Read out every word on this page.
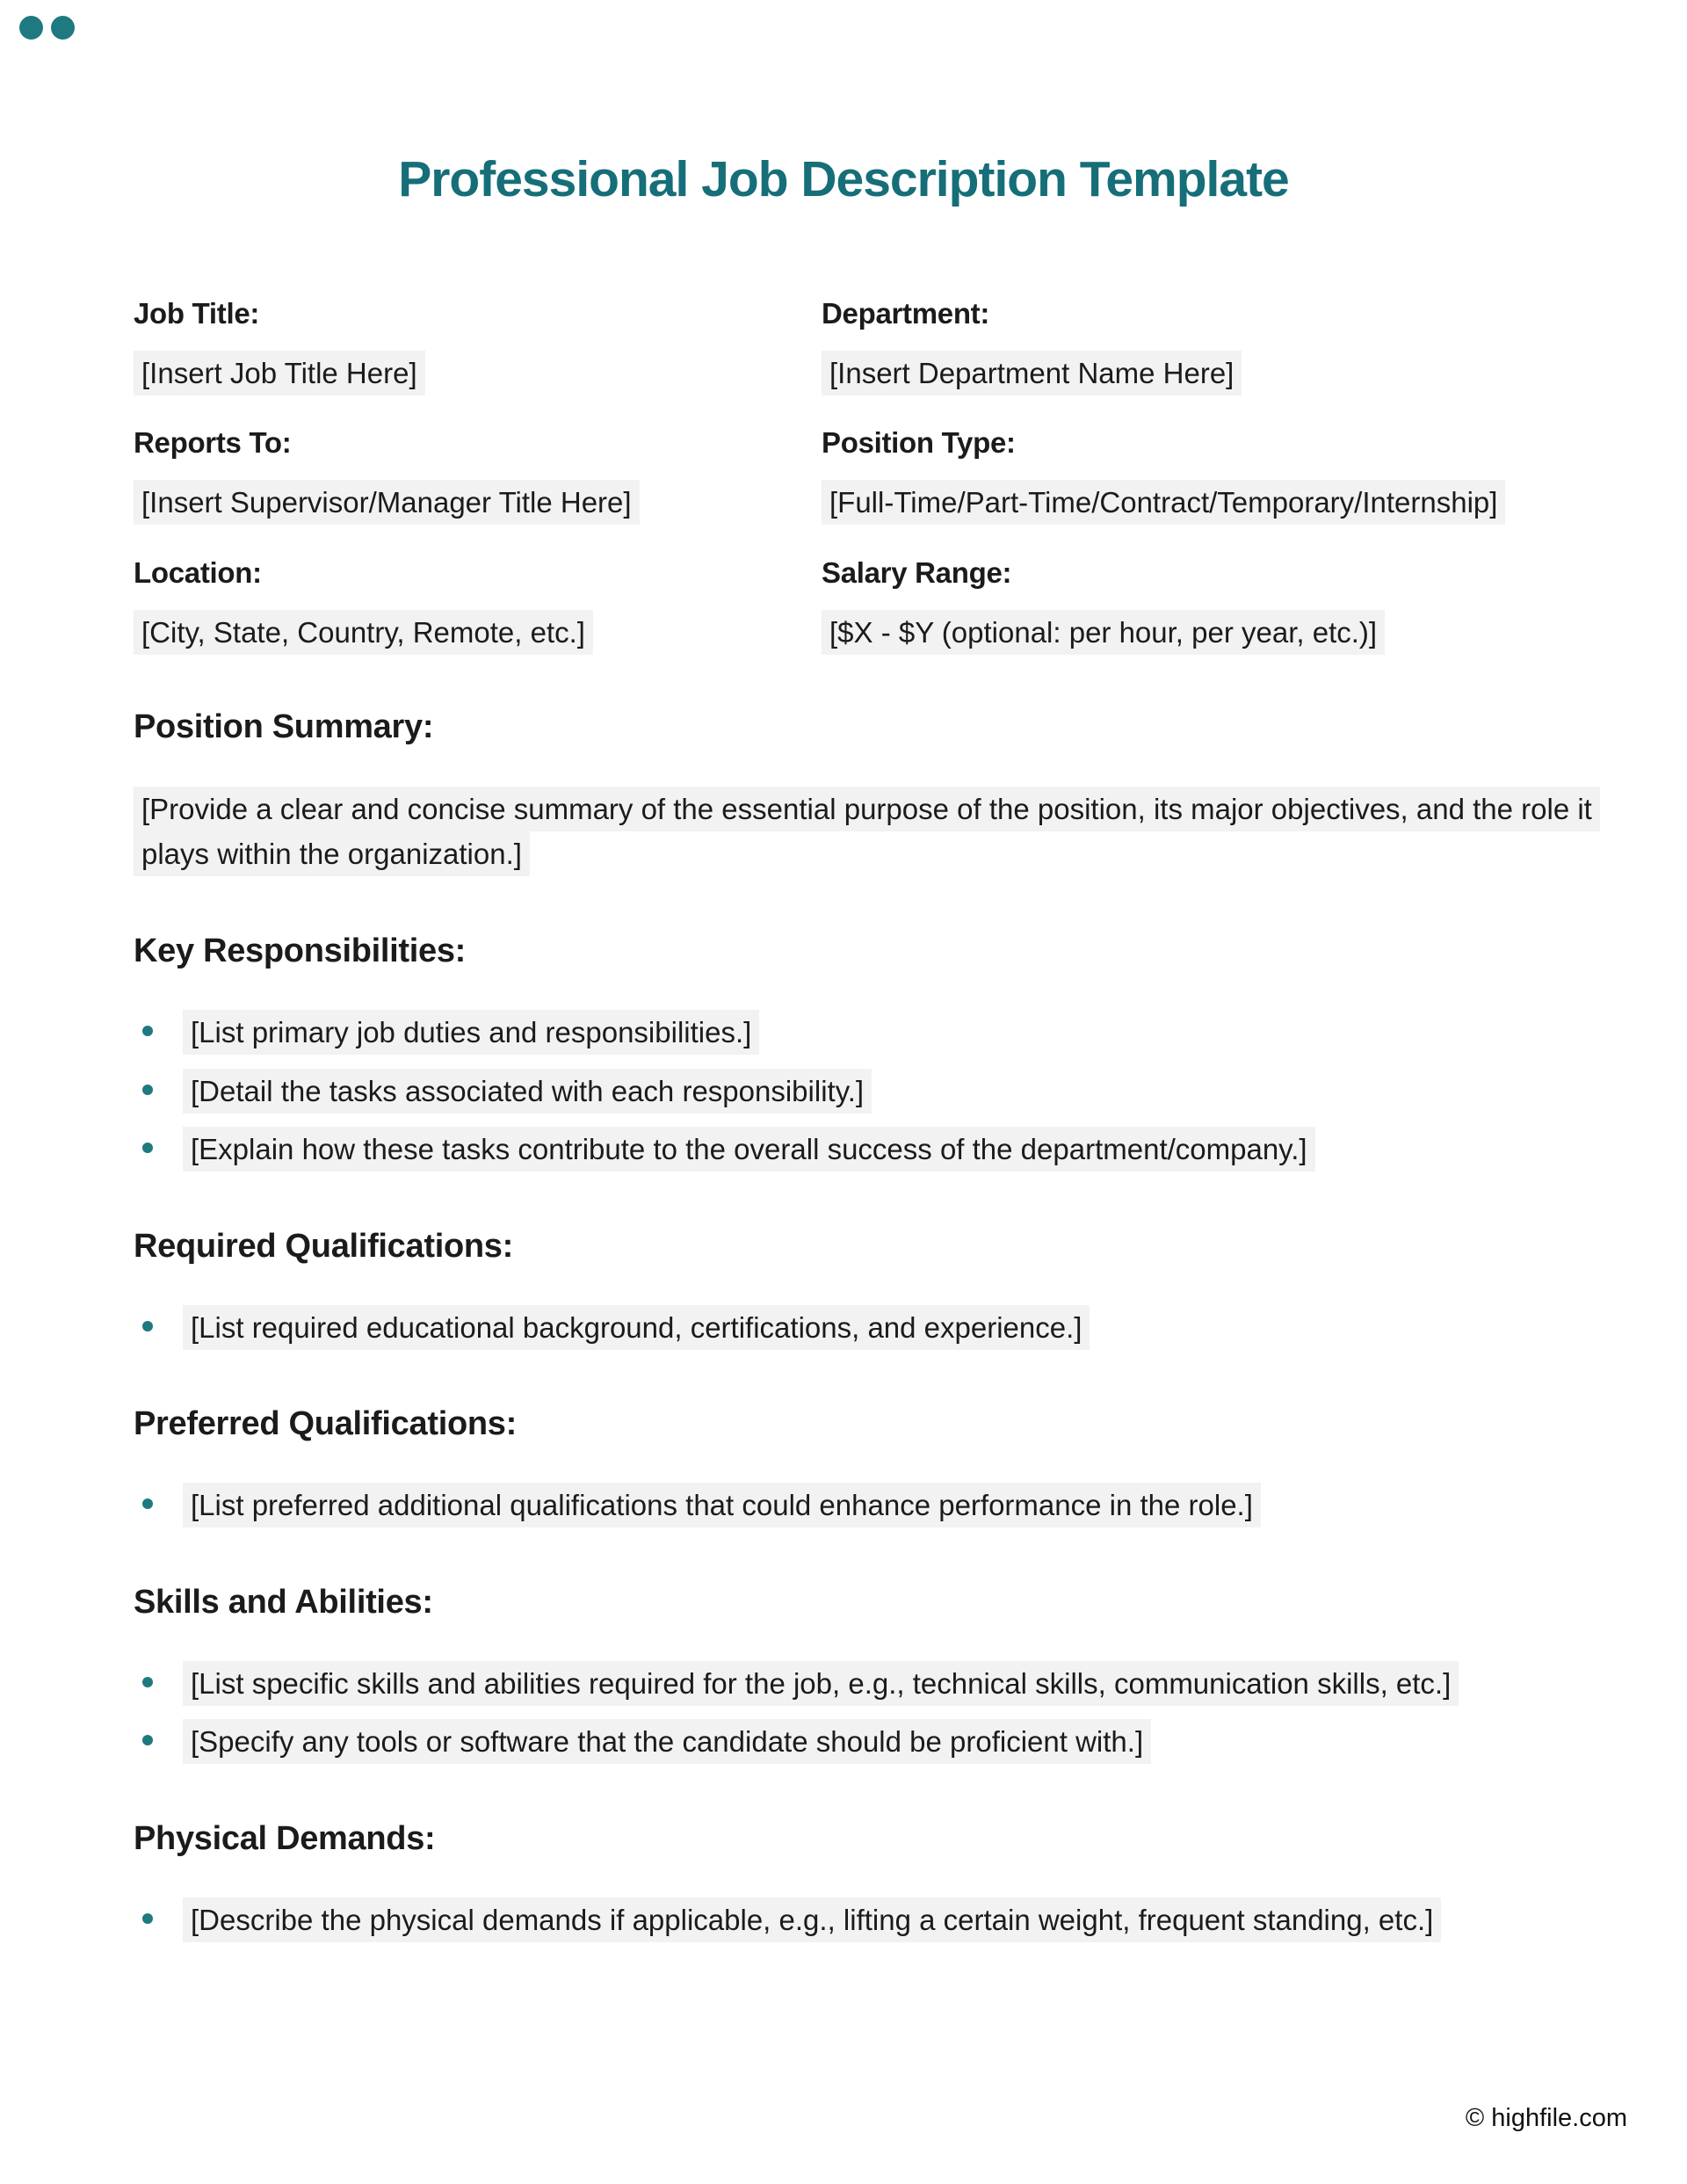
Professional Job Description Template
Job Title:
[Insert Job Title Here]
Department:
[Insert Department Name Here]
Reports To:
[Insert Supervisor/Manager Title Here]
Position Type:
[Full-Time/Part-Time/Contract/Temporary/Internship]
Location:
[City, State, Country, Remote, etc.]
Salary Range:
[$X - $Y (optional: per hour, per year, etc.)]
Position Summary:

[Provide a clear and concise summary of the essential purpose of the position, its major objectives, and the role it plays within the organization.]

Key Responsibilities:
[List primary job duties and responsibilities.]
[Detail the tasks associated with each responsibility.]
[Explain how these tasks contribute to the overall success of the department/company.]
Required Qualifications:
[List required educational background, certifications, and experience.]
Preferred Qualifications:
[List preferred additional qualifications that could enhance performance in the role.]
Skills and Abilities:
[List specific skills and abilities required for the job, e.g., technical skills, communication skills, etc.]
[Specify any tools or software that the candidate should be proficient with.]
Physical Demands:
[Describe the physical demands if applicable, e.g., lifting a certain weight, frequent standing, etc.]
© highfile.com
